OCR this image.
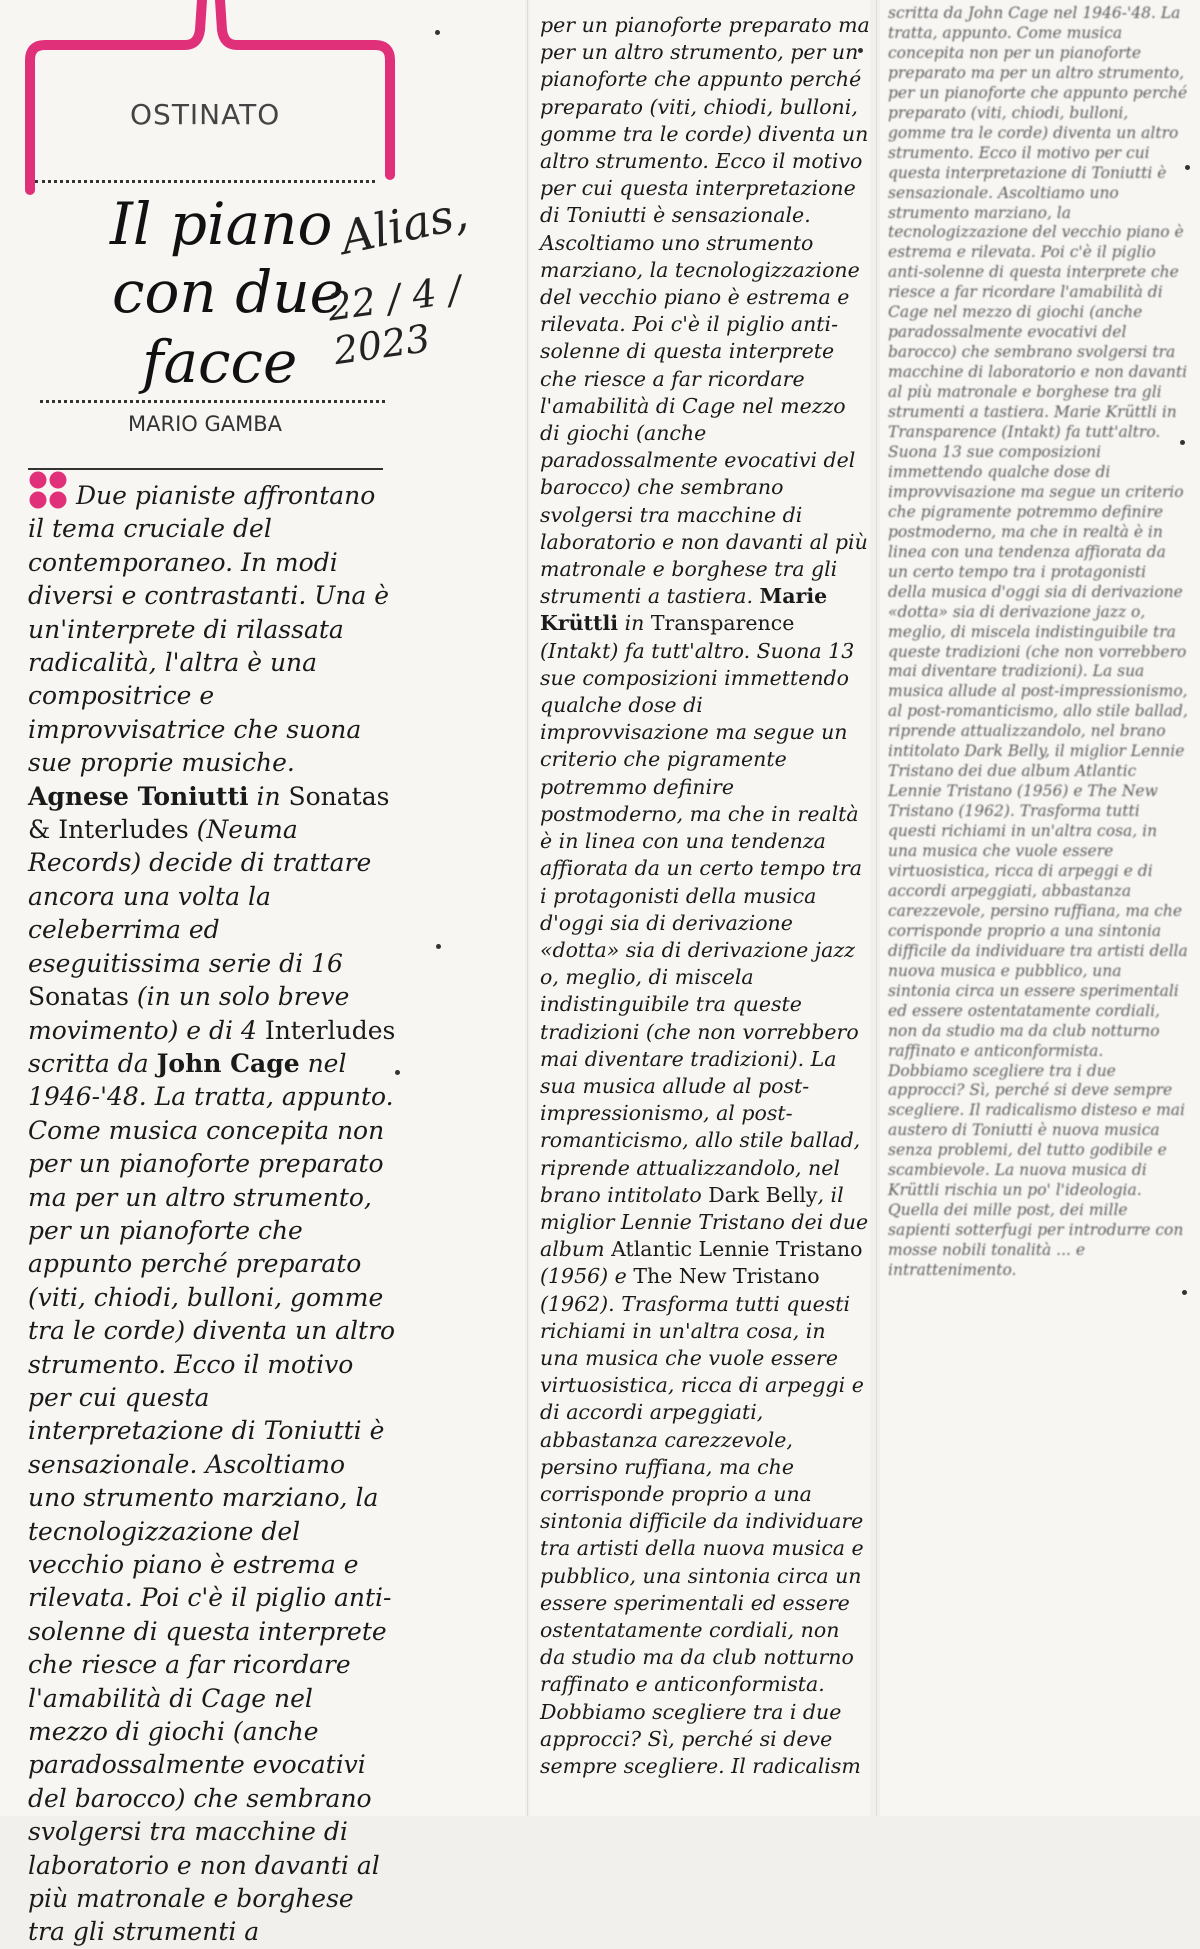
OSTINATO
Il piano
con due
facce
Alias,
22 / 4 / 2023
MARIO GAMBA

Due pianiste affrontano il tema cruciale del contemporaneo. In modi diversi e contrastanti. Una è un'interprete di rilassata radicalità, l'altra è una compositrice e improvvisatrice che suona sue proprie musiche. Agnese Toniutti in Sonatas & Interludes (Neuma Records) decide di trattare ancora una volta la celeberrima ed eseguitissima serie di 16 Sonatas (in un solo breve movimento) e di 4 Interludes scritta da John Cage nel 1946-'48. La tratta, appunto. Come musica concepita non per un pianoforte preparato ma per un altro strumento, per un pianoforte che appunto perché preparato (viti, chiodi, bulloni, gomme tra le corde) diventa un altro strumento. Ecco il motivo per cui questa interpretazione di Toniutti è sensazionale. Ascoltiamo uno strumento marziano, la tecnologizzazione del vecchio piano è estrema e rilevata. Poi c'è il piglio anti-solenne di questa interprete che riesce a far ricordare l'amabilità di Cage nel mezzo di giochi (anche paradossalmente evocativi del barocco) che sembrano svolgersi tra macchine di laboratorio e non davanti al più matronale e borghese tra gli strumenti a

per un pianoforte preparato ma per un altro strumento, per un pianoforte che appunto perché preparato (viti, chiodi, bulloni, gomme tra le corde) diventa un altro strumento. Ecco il motivo per cui questa interpretazione di Toniutti è sensazionale. Ascoltiamo uno strumento marziano, la tecnologizzazione del vecchio piano è estrema e rilevata. Poi c'è il piglio anti-solenne di questa interprete che riesce a far ricordare l'amabilità di Cage nel mezzo di giochi (anche paradossalmente evocativi del barocco) che sembrano svolgersi tra macchine di laboratorio e non davanti al più matronale e borghese tra gli strumenti a tastiera. Marie Krüttli in Transparence (Intakt) fa tutt'altro. Suona 13 sue composizioni immettendo qualche dose di improvvisazione ma segue un criterio che pigramente potremmo definire postmoderno, ma che in realtà è in linea con una tendenza affiorata da un certo tempo tra i protagonisti della musica d'oggi sia di derivazione «dotta» sia di derivazione jazz o, meglio, di miscela indistinguibile tra queste tradizioni (che non vorrebbero mai diventare tradizioni). La sua musica allude al post-impressionismo, al post-romanticismo, allo stile ballad, riprende attualizzandolo, nel brano intitolato Dark Belly, il miglior Lennie Tristano dei due album Atlantic Lennie Tristano (1956) e The New Tristano (1962). Trasforma tutti questi richiami in un'altra cosa, in una musica che vuole essere virtuosistica, ricca di arpeggi e di accordi arpeggiati, abbastanza carezzevole, persino ruffiana, ma che corrisponde proprio a una sintonia difficile da individuare tra artisti della nuova musica e pubblico, una sintonia circa un essere sperimentali ed essere ostentatamente cordiali, non da studio ma da club notturno raffinato e anticonformista. Dobbiamo scegliere tra i due approcci? Sì, perché si deve sempre scegliere. Il radicalism

scritta da John Cage nel 1946-'48. La tratta, appunto. Come musica concepita non per un pianoforte preparato ma per un altro strumento, per un pianoforte che appunto perché preparato (viti, chiodi, bulloni, gomme tra le corde) diventa un altro strumento. Ecco il motivo per cui questa interpretazione di Toniutti è sensazionale. Ascoltiamo uno strumento marziano, la tecnologizzazione del vecchio piano è estrema e rilevata. Poi c'è il piglio anti-solenne di questa interprete che riesce a far ricordare l'amabilità di Cage nel mezzo di giochi (anche paradossalmente evocativi del barocco) che sembrano svolgersi tra macchine di laboratorio e non davanti al più matronale e borghese tra gli strumenti a tastiera. Marie Krüttli in Transparence (Intakt) fa tutt'altro. Suona 13 sue composizioni immettendo qualche dose di improvvisazione ma segue un criterio che pigramente potremmo definire postmoderno, ma che in realtà è in linea con una tendenza affiorata da un certo tempo tra i protagonisti della musica d'oggi sia di derivazione «dotta» sia di derivazione jazz o, meglio, di miscela indistinguibile tra queste tradizioni (che non vorrebbero mai diventare tradizioni). La sua musica allude al post-impressionismo, al post-romanticismo, allo stile ballad, riprende attualizzandolo, nel brano intitolato Dark Belly, il miglior Lennie Tristano dei due album Atlantic Lennie Tristano (1956) e The New Tristano (1962). Trasforma tutti questi richiami in un'altra cosa, in una musica che vuole essere virtuosistica, ricca di arpeggi e di accordi arpeggiati, abbastanza carezzevole, persino ruffiana, ma che corrisponde proprio a una sintonia difficile da individuare tra artisti della nuova musica e pubblico, una sintonia circa un essere sperimentali ed essere ostentatamente cordiali, non da studio ma da club notturno raffinato e anticonformista. Dobbiamo scegliere tra i due approcci? Sì, perché si deve sempre scegliere. Il radicalismo disteso e mai austero di Toniutti è nuova musica senza problemi, del tutto godibile e scambievole. La nuova musica di Krüttli rischia un po' l'ideologia. Quella dei mille post, dei mille sapienti sotterfugi per introdurre con mosse nobili tonalità ... e intrattenimento.
